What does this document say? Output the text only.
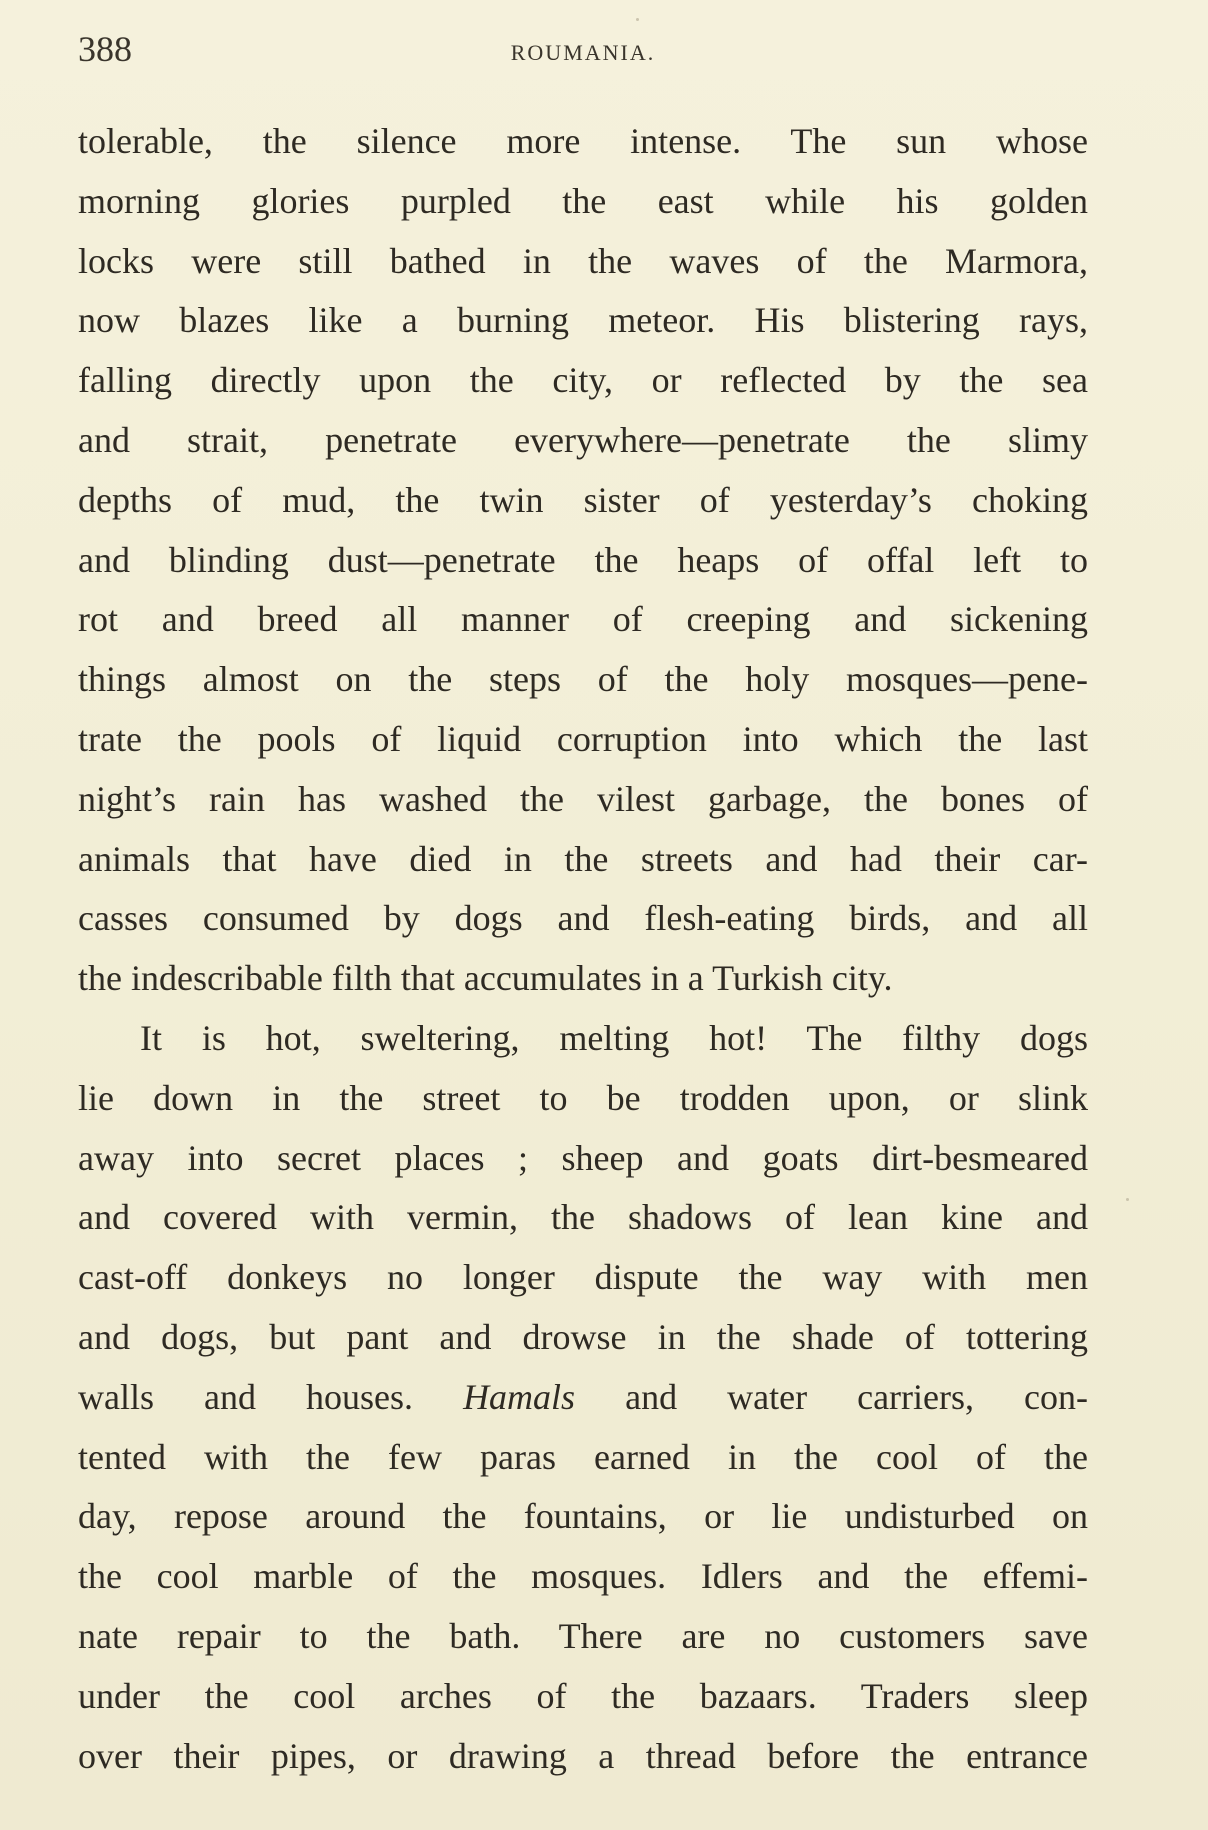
388	ROUMANIA.
tolerable, the silence more intense. The sun whose
morning glories purpled the east while his golden
locks were still bathed in the waves of the Marmora,
now blazes like a burning meteor. His blistering rays,
falling directly upon the city, or reflected by the sea
and strait, penetrate everywhere—penetrate the slimy
depths of mud, the twin sister of yesterday’s choking
and blinding dust—penetrate the heaps of offal left to
rot and breed all manner of creeping and sickening
things almost on the steps of the holy mosques—pene-
trate the pools of liquid corruption into which the last
night’s rain has washed the vilest garbage, the bones of
animals that have died in the streets and had their car-
casses consumed by dogs and flesh-eating birds, and all
the indescribable filth that accumulates in a Turkish city.
It is hot, sweltering, melting hot! The filthy dogs
lie down in the street to be trodden upon, or slink
away into secret places ; sheep and goats dirt-besmeared
and covered with vermin, the shadows of lean kine and
cast-off donkeys no longer dispute the way with men
and dogs, but pant and drowse in the shade of tottering
walls and houses. Hamals and water carriers, con-
tented with the few paras earned in the cool of the
day, repose around the fountains, or lie undisturbed on
the cool marble of the mosques. Idlers and the effemi-
nate repair to the bath. There are no customers save
under the cool arches of the bazaars. Traders sleep
over their pipes, or drawing a thread before the entrance
